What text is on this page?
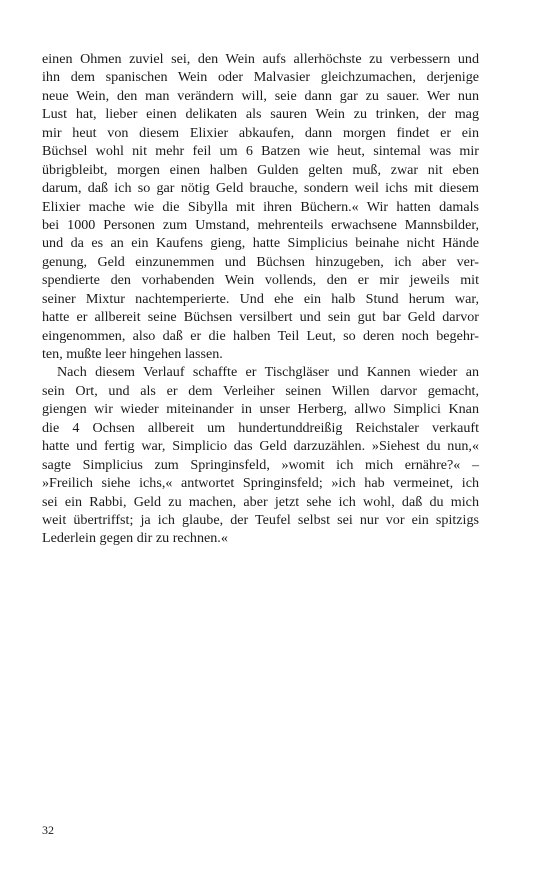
einen Ohmen zuviel sei, den Wein aufs allerhöchste zu verbessern und
ihn dem spanischen Wein oder Malvasier gleichzumachen, derjenige
neue Wein, den man verändern will, seie dann gar zu sauer. Wer nun
Lust hat, lieber einen delikaten als sauren Wein zu trinken, der mag
mir heut von diesem Elixier abkaufen, dann morgen findet er ein
Büchsel wohl nit mehr feil um 6 Batzen wie heut, sintemal was mir
übrigbleibt, morgen einen halben Gulden gelten muß, zwar nit eben
darum, daß ich so gar nötig Geld brauche, sondern weil ichs mit diesem
Elixier mache wie die Sibylla mit ihren Büchern.« Wir hatten damals
bei 1000 Personen zum Umstand, mehrenteils erwachsene Mannsbilder,
und da es an ein Kaufens gieng, hatte Simplicius beinahe nicht Hände
genung, Geld einzunemmen und Büchsen hinzugeben, ich aber ver-
spendierte den vorhabenden Wein vollends, den er mir jeweils mit
seiner Mixtur nachtemperierte. Und ehe ein halb Stund herum war,
hatte er allbereit seine Büchsen versilbert und sein gut bar Geld darvor
eingenommen, also daß er die halben Teil Leut, so deren noch begehr-
ten, mußte leer hingehen lassen.
Nach diesem Verlauf schaffte er Tischgläser und Kannen wieder an
sein Ort, und als er dem Verleiher seinen Willen darvor gemacht,
giengen wir wieder miteinander in unser Herberg, allwo Simplici Knan
die 4 Ochsen allbereit um hundertunddreißig Reichstaler verkauft
hatte und fertig war, Simplicio das Geld darzuzählen. »Siehest du nun,«
sagte Simplicius zum Springinsfeld, »womit ich mich ernähre?« –
»Freilich siehe ichs,« antwortet Springinsfeld; »ich hab vermeinet, ich
sei ein Rabbi, Geld zu machen, aber jetzt sehe ich wohl, daß du mich
weit übertriffst; ja ich glaube, der Teufel selbst sei nur vor ein spitzigs
Lederlein gegen dir zu rechnen.«
32
